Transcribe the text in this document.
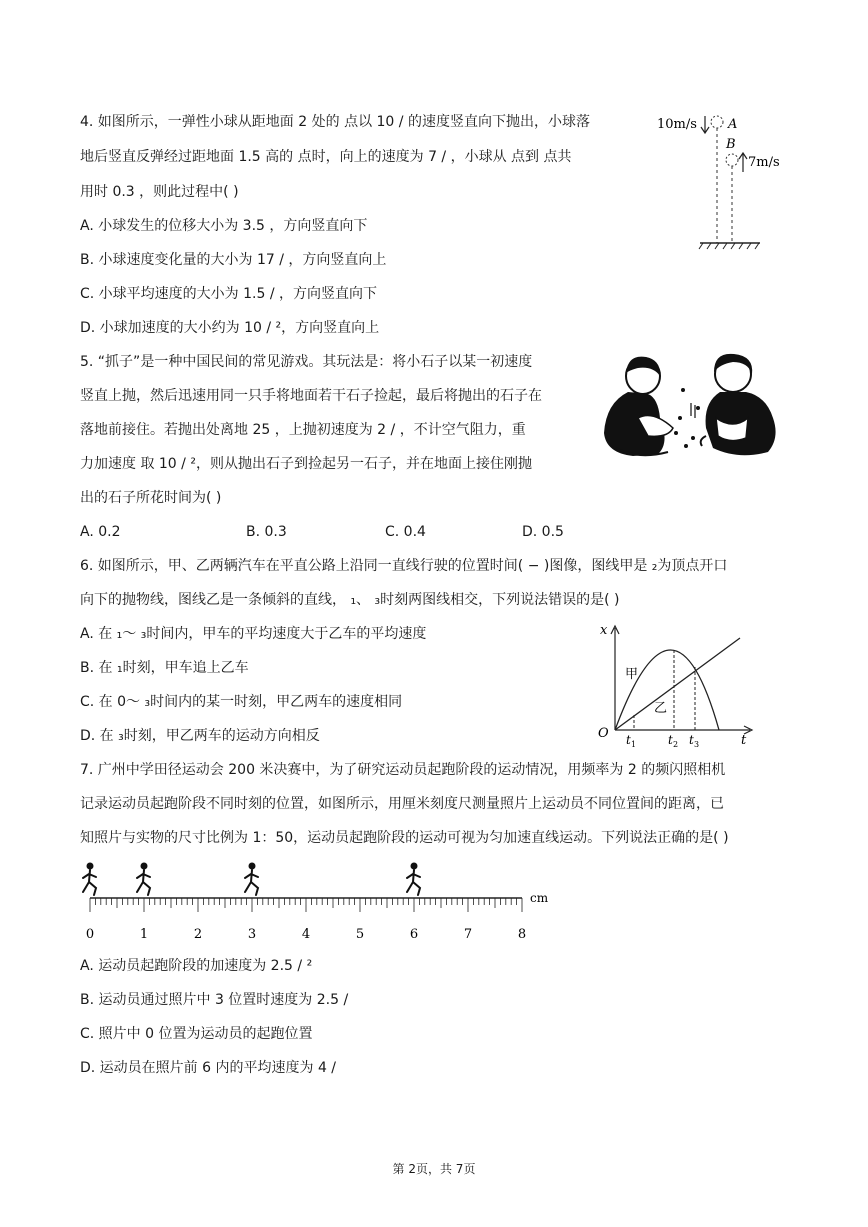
4. 如图所示，一弹性小球从距地面 2 处的 点以 10 / 的速度竖直向下抛出，小球落
地后竖直反弹经过距地面 1.5 高的 点时，向上的速度为 7 / ，小球从 点到 点共
用时 0.3 ，则此过程中( )
A. 小球发生的位移大小为 3.5 ，方向竖直向下
B. 小球速度变化量的大小为 17 / ，方向竖直向上
C. 小球平均速度的大小为 1.5 / ，方向竖直向下
D. 小球加速度的大小约为 10 / ²，方向竖直向上
10m/s A
B
7m/s
5. “抓子”是一种中国民间的常见游戏。其玩法是：将小石子以某一初速度
竖直上抛，然后迅速用同一只手将地面若干石子捡起，最后将抛出的石子在
落地前接住。若抛出处离地 25 ，上抛初速度为 2 / ，不计空气阻力，重
力加速度 取 10 / ²，则从抛出石子到捡起另一石子，并在地面上接住刚抛
出的石子所花时间为( )
A. 0.2	B. 0.3	C. 0.4	D. 0.5
6. 如图所示，甲、乙两辆汽车在平直公路上沿同一直线行驶的位置时间( − )图像，图线甲是 ₂为顶点开口
向下的抛物线，图线乙是一条倾斜的直线， ₁、 ₃时刻两图线相交，下列说法错误的是( )
A. 在 ₁～ ₃时间内，甲车的平均速度大于乙车的平均速度
B. 在 ₁时刻，甲车追上乙车
C. 在 0～ ₃时间内的某一时刻，甲乙两车的速度相同
D. 在 ₃时刻，甲乙两车的运动方向相反
x
t
O
甲
乙
t 1	t 2 t 3
7. 广州中学田径运动会 200 米决赛中，为了研究运动员起跑阶段的运动情况，用频率为 2 的频闪照相机
记录运动员起跑阶段不同时刻的位置，如图所示，用厘米刻度尺测量照片上运动员不同位置间的距离，已
知照片与实物的尺寸比例为 1：50，运动员起跑阶段的运动可视为匀加速直线运动。下列说法正确的是( )
0	1	2	3	4	5	6	7	8
cm
A. 运动员起跑阶段的加速度为 2.5 / ²
B. 运动员通过照片中 3 位置时速度为 2.5 /
C. 照片中 0 位置为运动员的起跑位置
D. 运动员在照片前 6 内的平均速度为 4 /
第 2页，共 7页
